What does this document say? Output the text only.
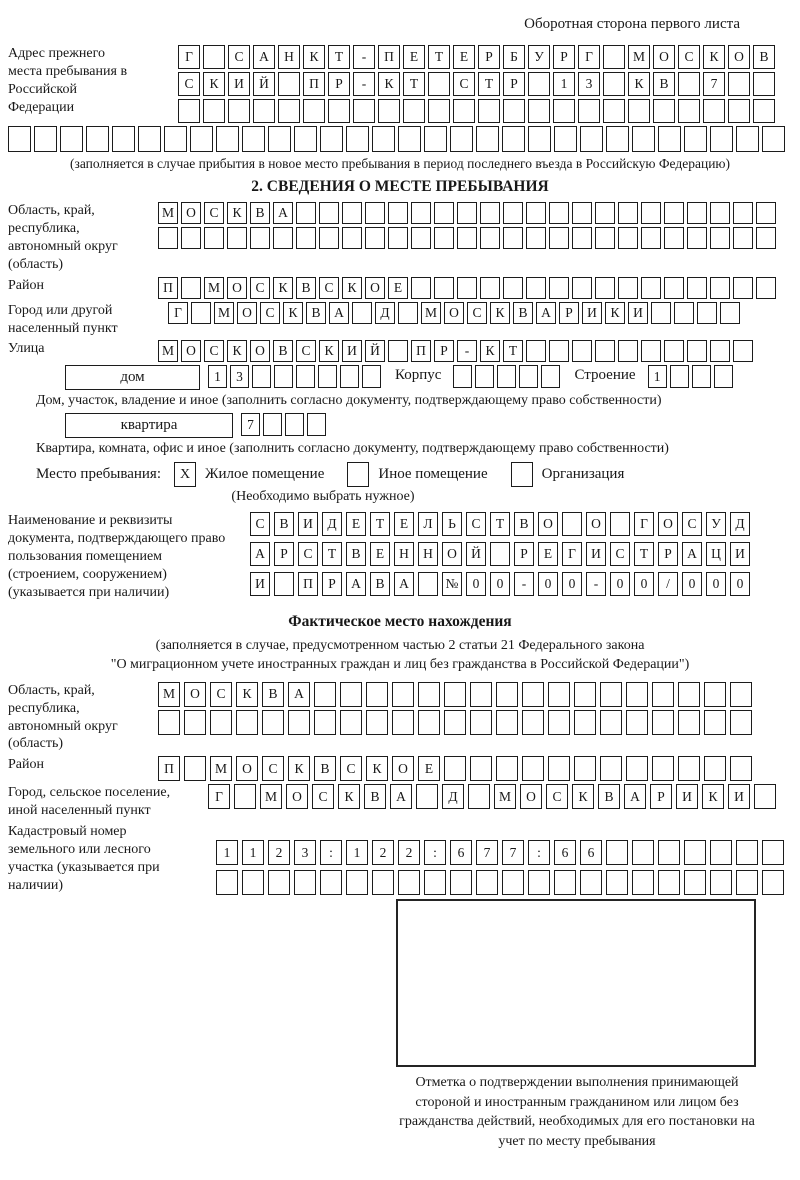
Оборотная сторона первого листа
Адрес прежнего места пребывания в Российской Федерации
Г	С	А	Н	К	Т	-	П	Е	Т	Е	Р	Б	У	Р	Г	М	О	С	К	О	В
С	К	И	Й	П	Р	-	К	Т	С	Т	Р	1	3	К	В	7
(заполняется в случае прибытия в новое место пребывания в период последнего въезда в Российскую Федерацию)
2. СВЕДЕНИЯ О МЕСТЕ ПРЕБЫВАНИЯ
Область, край, республика, автономный округ (область)
М О	С	К	В	А
Район	П	М О	С	К	В	С	К	О	Е
Город или другой населенный пункт
Г	М О	С	К	В	А	Д	М О	С	К	В	А	Р	И	К	И
Улица	М О	С	К	О	В	С	К	И Й	П	Р	-	К	Т
дом	1	3	Корпус	Строение	1
Дом, участок, владение и иное (заполнить согласно документу, подтверждающему право собственности)
квартира	7
Квартира, комната, офис и иное (заполнить согласно документу, подтверждающему право собственности)
Место пребывания:	X Жилое помещение	Иное помещение	Организация
(Необходимо выбрать нужное)
Наименование и реквизиты документа, подтверждающего право пользования помещением (строением, сооружением) (указывается при наличии)
С	В	И	Д	Е	Т	Е	Л	Ь	С	Т	В	О	О	Г	О	С	У	Д
А	Р	С	Т	В	Е	Н	Н	О	Й	Р	Е	Г	И	С	Т	Р	А	Ц	И
И	П	Р	А	В	А	№	0	0	-	0	0	-	0	0	/	0	0	0
Фактическое место нахождения
(заполняется в случае, предусмотренном частью 2 статьи 21 Федерального закона
"О миграционном учете иностранных граждан и лиц без гражданства в Российской Федерации")
Область, край, республика, автономный округ (область)
М	О	С	К	В	А
Район	П	М	О	С	К	В	С	К	О	Е
Город, сельское поселение, иной населенный пункт
Г	М	О	С	К	В	А	Д	М	О	С	К	В	А	Р	И	К	И
Кадастровый номер земельного или лесного участка (указывается при наличии)
1	1	2	3	:	1	2	2	:	6	7	7	:	6	6
Отметка о подтверждении выполнения принимающей стороной и иностранным гражданином или лицом без гражданства действий, необходимых для его постановки на учет по месту пребывания
